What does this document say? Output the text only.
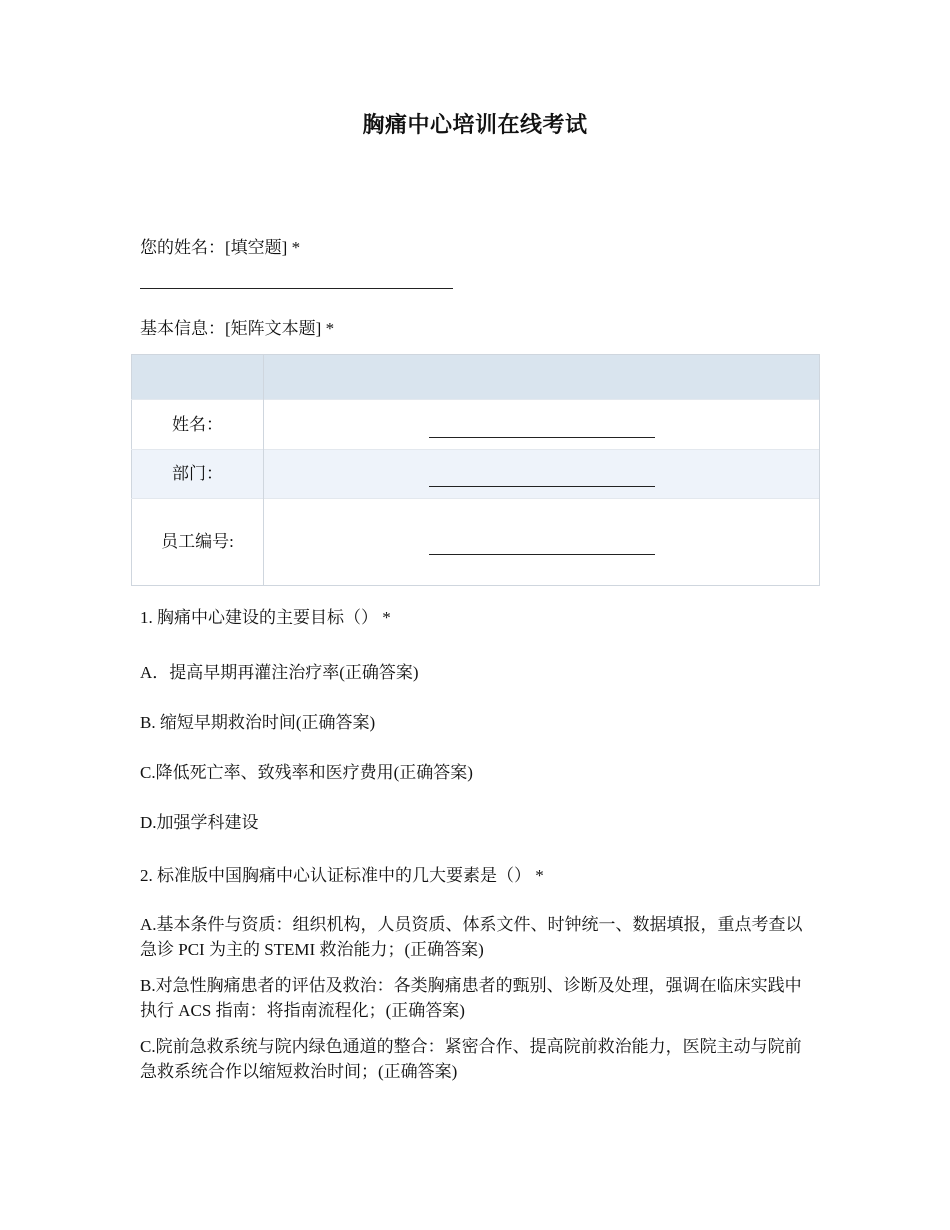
胸痛中心培训在线考试
您的姓名：[填空题] *
基本信息：[矩阵文本题] *

姓名：	
部门：	
员工编号:	
1. 胸痛中心建设的主要目标（） *
A．提高早期再灌注治疗率(正确答案)
B. 缩短早期救治时间(正确答案)
C.降低死亡率、致残率和医疗费用(正确答案)
D.加强学科建设
2. 标准版中国胸痛中心认证标准中的几大要素是（） *
A.基本条件与资质：组织机构，人员资质、体系文件、时钟统一、数据填报，重点考查以急诊 PCI 为主的 STEMI 救治能力；(正确答案)
B.对急性胸痛患者的评估及救治：各类胸痛患者的甄别、诊断及处理，强调在临床实践中执行 ACS 指南：将指南流程化；(正确答案)
C.院前急救系统与院内绿色通道的整合：紧密合作、提高院前救治能力，医院主动与院前急救系统合作以缩短救治时间；(正确答案)
